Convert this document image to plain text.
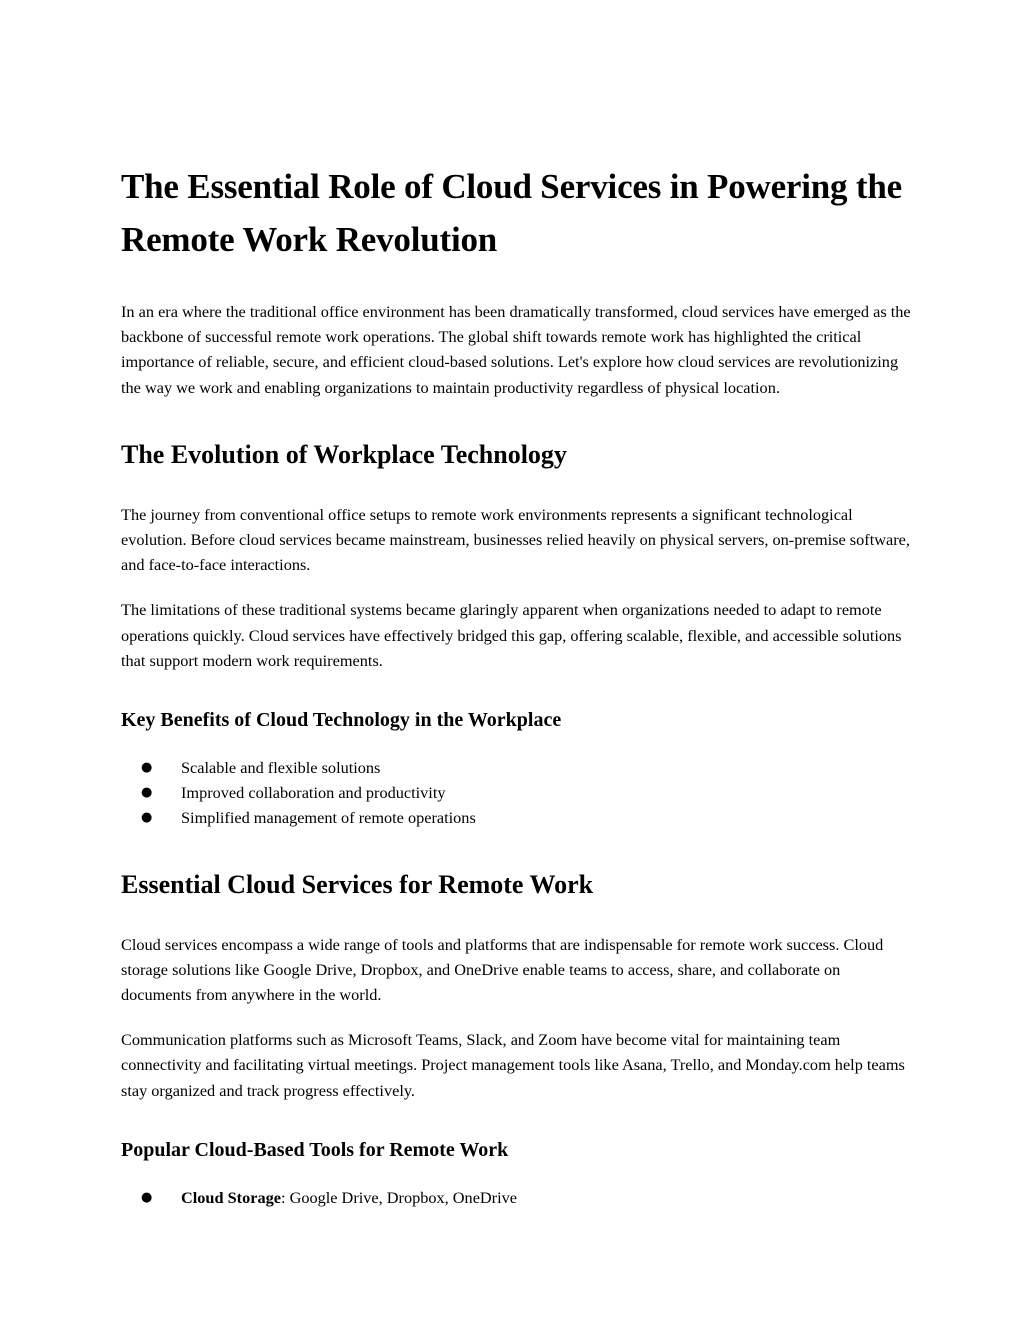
The Essential Role of Cloud Services in Powering the Remote Work Revolution

In an era where the traditional office environment has been dramatically transformed, cloud services have emerged as the backbone of successful remote work operations. The global shift towards remote work has highlighted the critical importance of reliable, secure, and efficient cloud-based solutions. Let's explore how cloud services are revolutionizing the way we work and enabling organizations to maintain productivity regardless of physical location.

The Evolution of Workplace Technology

The journey from conventional office setups to remote work environments represents a significant technological evolution. Before cloud services became mainstream, businesses relied heavily on physical servers, on-premise software, and face-to-face interactions.

The limitations of these traditional systems became glaringly apparent when organizations needed to adapt to remote operations quickly. Cloud services have effectively bridged this gap, offering scalable, flexible, and accessible solutions that support modern work requirements.

Key Benefits of Cloud Technology in the Workplace
● Scalable and flexible solutions
● Improved collaboration and productivity
● Simplified management of remote operations
Essential Cloud Services for Remote Work

Cloud services encompass a wide range of tools and platforms that are indispensable for remote work success. Cloud storage solutions like Google Drive, Dropbox, and OneDrive enable teams to access, share, and collaborate on documents from anywhere in the world.

Communication platforms such as Microsoft Teams, Slack, and Zoom have become vital for maintaining team connectivity and facilitating virtual meetings. Project management tools like Asana, Trello, and Monday.com help teams stay organized and track progress effectively.

Popular Cloud-Based Tools for Remote Work
● Cloud Storage: Google Drive, Dropbox, OneDrive
